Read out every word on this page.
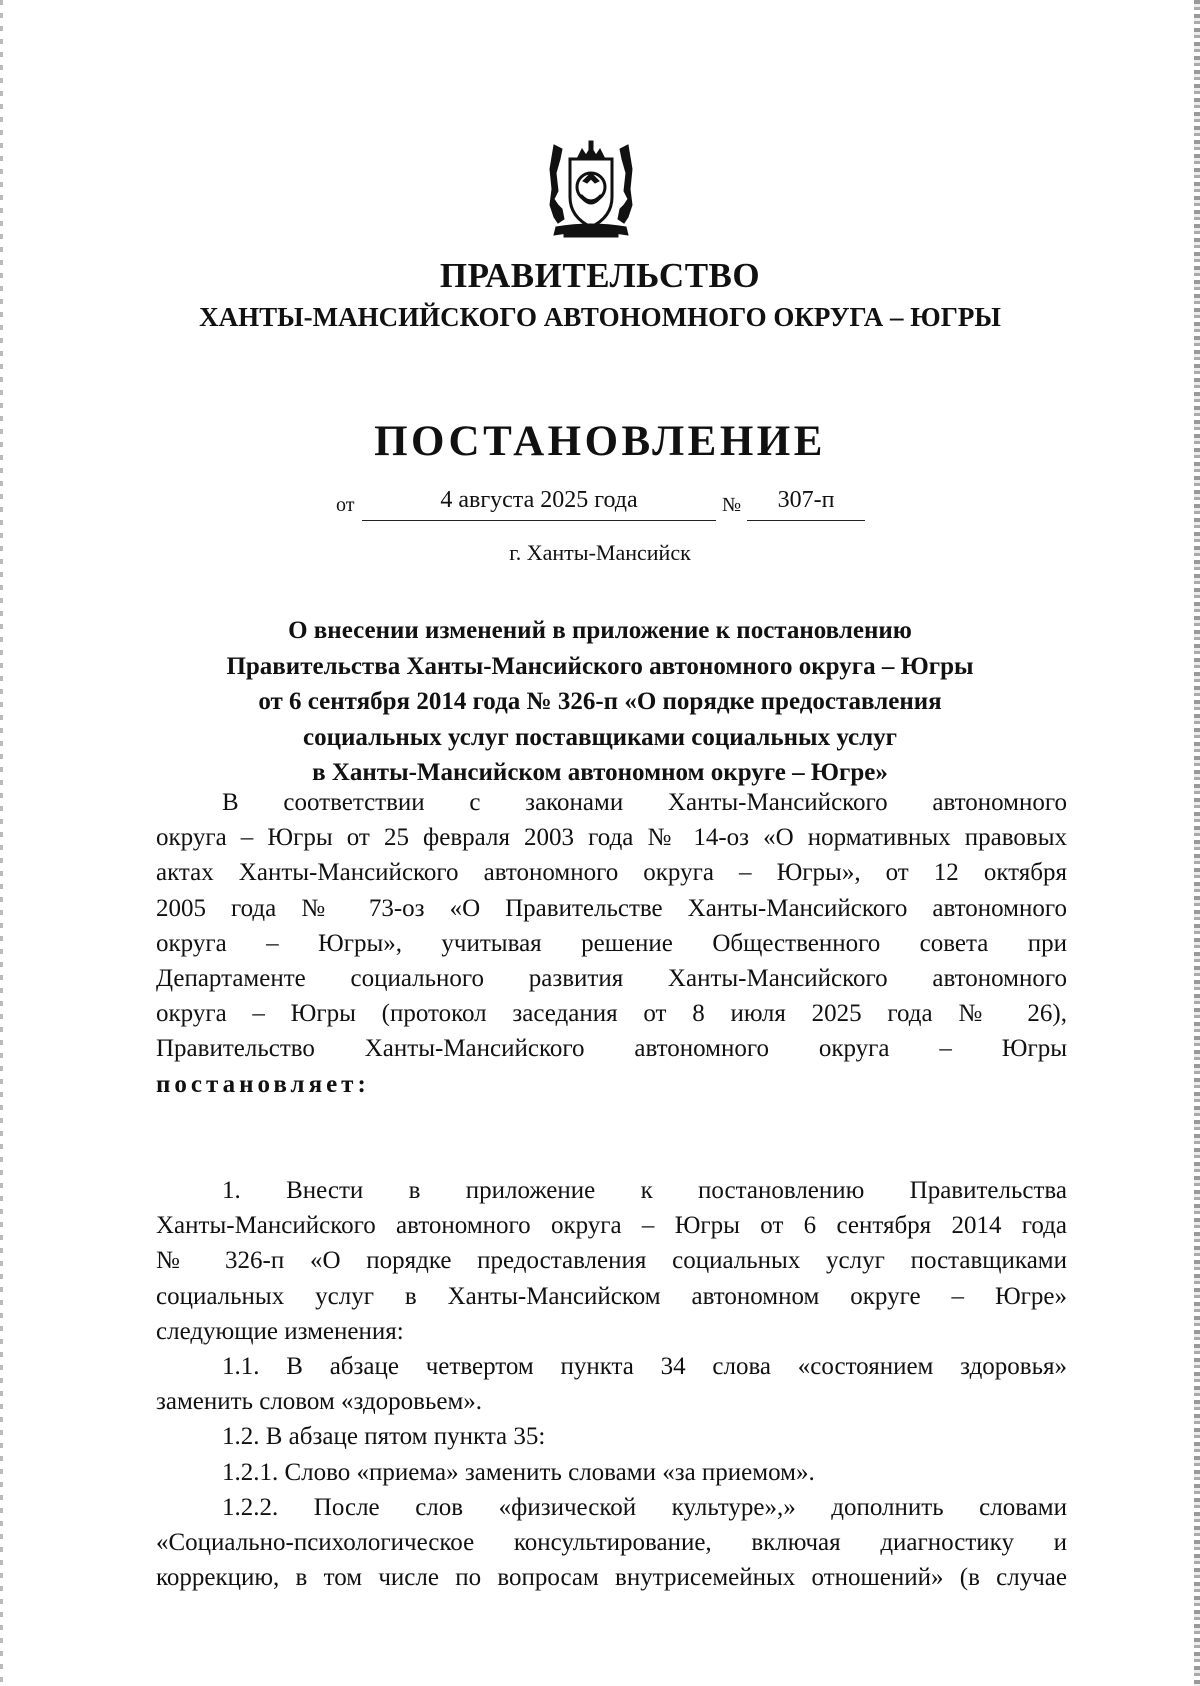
ПРАВИТЕЛЬСТВО
ХАНТЫ-МАНСИЙСКОГО АВТОНОМНОГО ОКРУГА – ЮГРЫ
ПОСТАНОВЛЕНИЕ
от	4 августа 2025 года	№	307-п
г. Ханты-Мансийск
О внесении изменений в приложение к постановлению
Правительства Ханты-Мансийского автономного округа – Югры
от 6 сентября 2014 года № 326-п «О порядке предоставления
социальных услуг поставщиками социальных услуг
в Ханты-Мансийском автономном округе – Югре»
В соответствии с законами Ханты-Мансийского автономного
округа – Югры от 25 февраля 2003 года № 14-оз «О нормативных правовых
актах Ханты-Мансийского автономного округа – Югры», от 12 октября
2005 года № 73-оз «О Правительстве Ханты-Мансийского автономного
округа – Югры», учитывая решение Общественного совета при
Департаменте социального развития Ханты-Мансийского автономного
округа – Югры (протокол заседания от 8 июля 2025 года № 26),
Правительство Ханты-Мансийского автономного округа – Югры
постановляет:
1. Внести в приложение к постановлению Правительства
Ханты-Мансийского автономного округа – Югры от 6 сентября 2014 года
№ 326-п «О порядке предоставления социальных услуг поставщиками
социальных услуг в Ханты-Мансийском автономном округе – Югре»
следующие изменения:
1.1. В абзаце четвертом пункта 34 слова «состоянием здоровья»
заменить словом «здоровьем».
1.2. В абзаце пятом пункта 35:
1.2.1. Слово «приема» заменить словами «за приемом».
1.2.2. После слов «физической культуре»,» дополнить словами
«Социально-психологическое консультирование, включая диагностику и
коррекцию, в том числе по вопросам внутрисемейных отношений» (в случае
